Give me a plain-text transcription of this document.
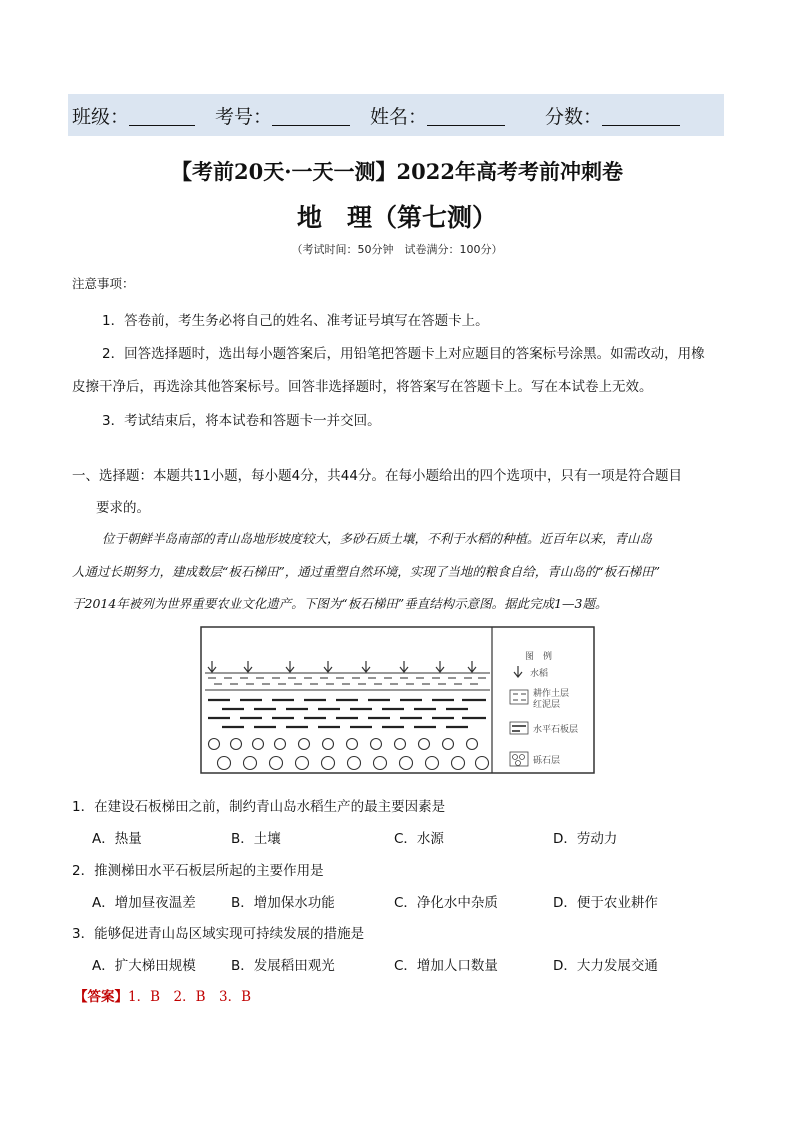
班级：	考号：	姓名：	分数：
【考前20天·一天一测】2022年高考考前冲刺卷
地　理（第七测）
（考试时间：50分钟　试卷满分：100分）
注意事项：
1．答卷前，考生务必将自己的姓名、准考证号填写在答题卡上。
2．回答选择题时，选出每小题答案后，用铅笔把答题卡上对应题目的答案标号涂黑。如需改动，用橡
皮擦干净后，再选涂其他答案标号。回答非选择题时，将答案写在答题卡上。写在本试卷上无效。
3．考试结束后，将本试卷和答题卡一并交回。
一、选择题：本题共11小题，每小题4分，共44分。在每小题给出的四个选项中，只有一项是符合题目
要求的。
位于朝鲜半岛南部的青山岛地形坡度较大，多砂石质土壤，不利于水稻的种植。近百年以来，青山岛
人通过长期努力，建成数层“板石梯田”，通过重塑自然环境，实现了当地的粮食自给，青山岛的“板石梯田”
于2014年被列为世界重要农业文化遗产。下图为“板石梯田”垂直结构示意图。据此完成1—3题。
图　例
水稻
耕作土层
红泥层
水平石板层
砾石层
1．在建设石板梯田之前，制约青山岛水稻生产的最主要因素是
A．热量	B．土壤	C．水源	D．劳动力
2．推测梯田水平石板层所起的主要作用是
A．增加昼夜温差	B．增加保水功能	C．净化水中杂质	D．便于农业耕作
3．能够促进青山岛区域实现可持续发展的措施是
A．扩大梯田规模	B．发展稻田观光	C．增加人口数量	D．大力发展交通
【答案】1．B　2．B　3．B
